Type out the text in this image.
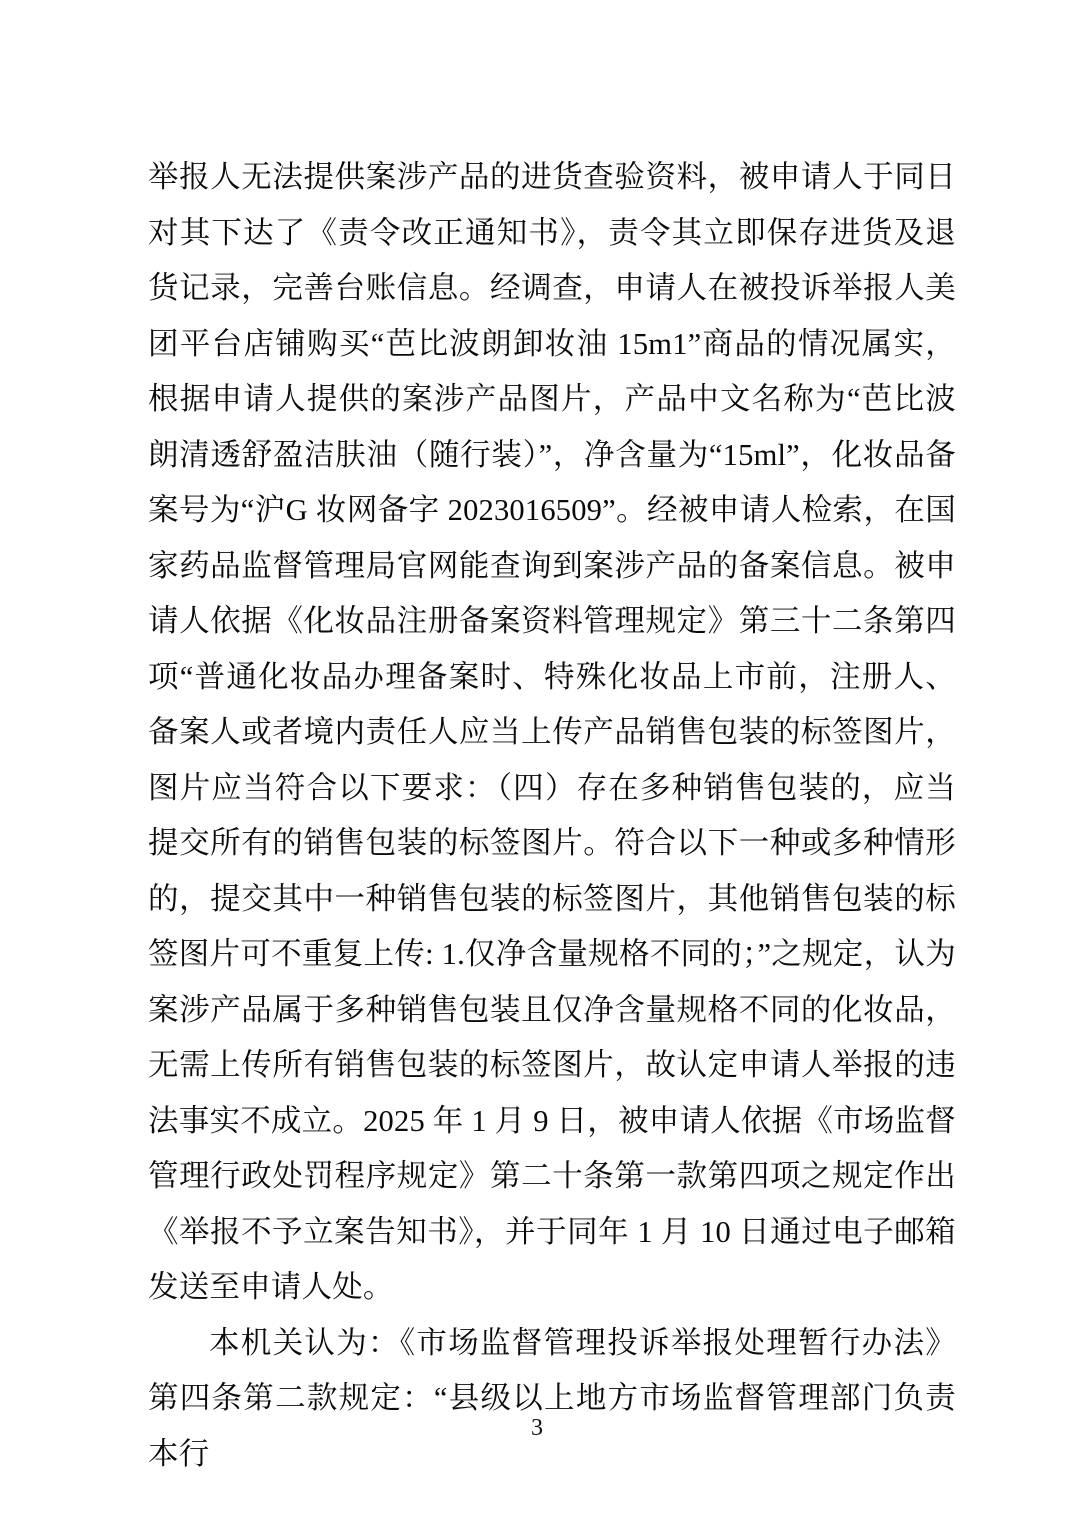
举报人无法提供案涉产品的进货查验资料，被申请人于同日对其下达了《责令改正通知书》，责令其立即保存进货及退货记录，完善台账信息。经调查，申请人在被投诉举报人美团平台店铺购买“芭比波朗卸妆油 15m1”商品的情况属实，根据申请人提供的案涉产品图片，产品中文名称为“芭比波朗清透舒盈洁肤油（随行装）”，净含量为“15ml”，化妆品备案号为“沪G 妆网备字 2023016509”。经被申请人检索，在国家药品监督管理局官网能查询到案涉产品的备案信息。被申请人依据《化妆品注册备案资料管理规定》第三十二条第四项“普通化妆品办理备案时、特殊化妆品上市前，注册人、备案人或者境内责任人应当上传产品销售包装的标签图片，图片应当符合以下要求：（四）存在多种销售包装的，应当提交所有的销售包装的标签图片。符合以下一种或多种情形的，提交其中一种销售包装的标签图片，其他销售包装的标签图片可不重复上传: 1.仅净含量规格不同的；”之规定，认为案涉产品属于多种销售包装且仅净含量规格不同的化妆品，无需上传所有销售包装的标签图片，故认定申请人举报的违法事实不成立。2025 年 1 月 9 日，被申请人依据《市场监督管理行政处罚程序规定》第二十条第一款第四项之规定作出《举报不予立案告知书》，并于同年 1 月 10 日通过电子邮箱发送至申请人处。

本机关认为：《市场监督管理投诉举报处理暂行办法》第四条第二款规定：“县级以上地方市场监督管理部门负责本行

3
